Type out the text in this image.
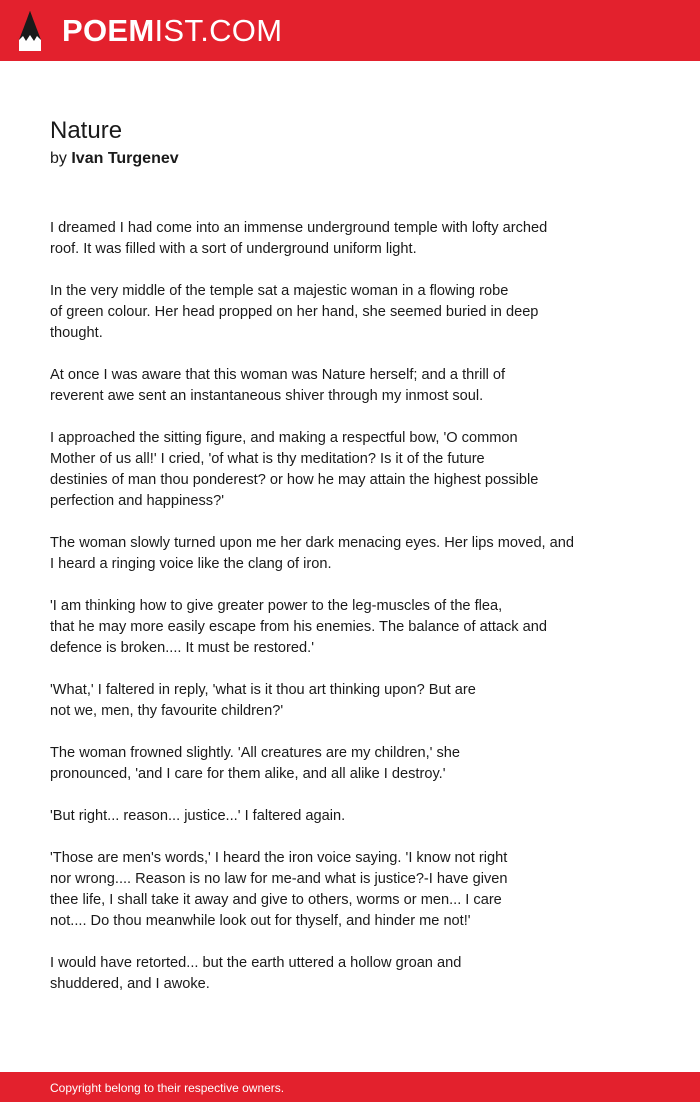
POEMIST.COM
Nature
by Ivan Turgenev

I dreamed I had come into an immense underground temple with lofty arched
roof. It was filled with a sort of underground uniform light.

In the very middle of the temple sat a majestic woman in a flowing robe
of green colour. Her head propped on her hand, she seemed buried in deep
thought.

At once I was aware that this woman was Nature herself; and a thrill of
reverent awe sent an instantaneous shiver through my inmost soul.

I approached the sitting figure, and making a respectful bow, 'O common
Mother of us all!' I cried, 'of what is thy meditation? Is it of the future
destinies of man thou ponderest? or how he may attain the highest possible
perfection and happiness?'

The woman slowly turned upon me her dark menacing eyes. Her lips moved, and
I heard a ringing voice like the clang of iron.

'I am thinking how to give greater power to the leg-muscles of the flea,
that he may more easily escape from his enemies. The balance of attack and
defence is broken.... It must be restored.'

'What,' I faltered in reply, 'what is it thou art thinking upon? But are
not we, men, thy favourite children?'

The woman frowned slightly. 'All creatures are my children,' she
pronounced, 'and I care for them alike, and all alike I destroy.'

'But right... reason... justice...' I faltered again.

'Those are men's words,' I heard the iron voice saying. 'I know not right
nor wrong.... Reason is no law for me-and what is justice?-I have given
thee life, I shall take it away and give to others, worms or men... I care
not.... Do thou meanwhile look out for thyself, and hinder me not!'

I would have retorted... but the earth uttered a hollow groan and
shuddered, and I awoke.

Copyright belong to their respective owners.
